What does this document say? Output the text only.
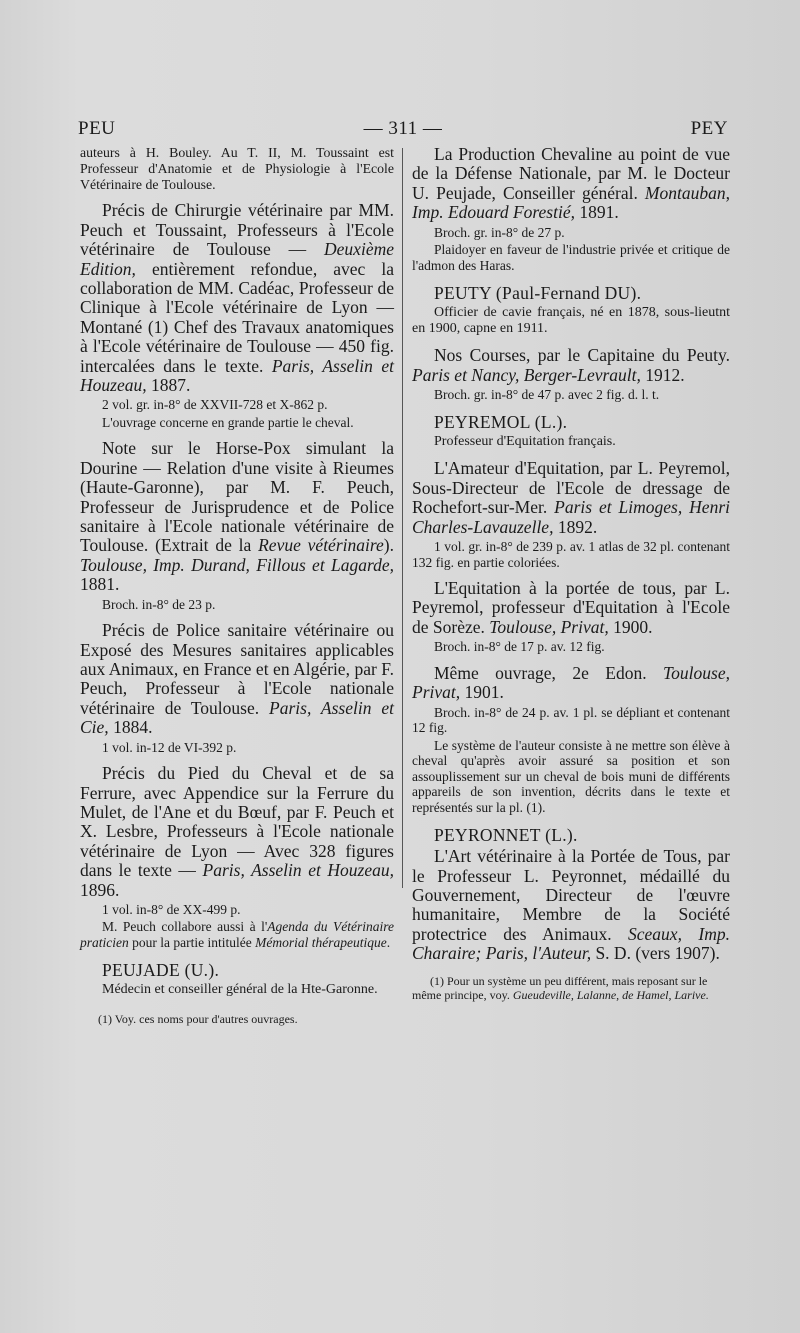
PEU	— 311 —	PEY

auteurs à H. Bouley. Au T. II, M. Toussaint est Professeur d'Anatomie et de Physiologie à l'Ecole Vétérinaire de Toulouse.

Précis de Chirurgie vétérinaire par MM. Peuch et Toussaint, Professeurs à l'Ecole vétérinaire de Toulouse — Deuxième Edition, entièrement refondue, avec la collaboration de MM. Cadéac, Professeur de Clinique à l'Ecole vétérinaire de Lyon — Montané (1) Chef des Travaux anatomiques à l'Ecole vétérinaire de Toulouse — 450 fig. intercalées dans le texte. Paris, Asselin et Houzeau, 1887.

2 vol. gr. in-8° de XXVII-728 et X-862 p.

L'ouvrage concerne en grande partie le cheval.

Note sur le Horse-Pox simulant la Dourine — Relation d'une visite à Rieumes (Haute-Garonne), par M. F. Peuch, Professeur de Jurisprudence et de Police sanitaire à l'Ecole nationale vétérinaire de Toulouse. (Extrait de la Revue vétérinaire). Toulouse, Imp. Durand, Fillous et Lagarde, 1881.

Broch. in-8° de 23 p.

Précis de Police sanitaire vétérinaire ou Exposé des Mesures sanitaires applicables aux Animaux, en France et en Algérie, par F. Peuch, Professeur à l'Ecole nationale vétérinaire de Toulouse. Paris, Asselin et Cie, 1884.

1 vol. in-12 de VI-392 p.

Précis du Pied du Cheval et de sa Ferrure, avec Appendice sur la Ferrure du Mulet, de l'Ane et du Bœuf, par F. Peuch et X. Lesbre, Professeurs à l'Ecole nationale vétérinaire de Lyon — Avec 328 figures dans le texte — Paris, Asselin et Houzeau, 1896.

1 vol. in-8° de XX-499 p.

M. Peuch collabore aussi à l'Agenda du Vétérinaire praticien pour la partie intitulée Mémorial thérapeutique.

PEUJADE (U.).

Médecin et conseiller général de la Hte-Garonne.

(1) Voy. ces noms pour d'autres ouvrages.

La Production Chevaline au point de vue de la Défense Nationale, par M. le Docteur U. Peujade, Conseiller général. Montauban, Imp. Edouard Forestié, 1891.

Broch. gr. in-8° de 27 p.

Plaidoyer en faveur de l'industrie privée et critique de l'admon des Haras.

PEUTY (Paul-Fernand DU).

Officier de cavie français, né en 1878, sous-lieutnt en 1900, capne en 1911.

Nos Courses, par le Capitaine du Peuty. Paris et Nancy, Berger-Levrault, 1912.

Broch. gr. in-8° de 47 p. avec 2 fig. d. l. t.

PEYREMOL (L.).

Professeur d'Equitation français.

L'Amateur d'Equitation, par L. Peyremol, Sous-Directeur de l'Ecole de dressage de Rochefort-sur-Mer. Paris et Limoges, Henri Charles-Lavauzelle, 1892.

1 vol. gr. in-8° de 239 p. av. 1 atlas de 32 pl. contenant 132 fig. en partie coloriées.

L'Equitation à la portée de tous, par L. Peyremol, professeur d'Equitation à l'Ecole de Sorèze. Toulouse, Privat, 1900.

Broch. in-8° de 17 p. av. 12 fig.

Même ouvrage, 2e Edon. Toulouse, Privat, 1901.

Broch. in-8° de 24 p. av. 1 pl. se dépliant et contenant 12 fig.

Le système de l'auteur consiste à ne mettre son élève à cheval qu'après avoir assuré sa position et son assouplissement sur un cheval de bois muni de différents appareils de son invention, décrits dans le texte et représentés sur la pl. (1).

PEYRONNET (L.).

L'Art vétérinaire à la Portée de Tous, par le Professeur L. Peyronnet, médaillé du Gouvernement, Directeur de l'œuvre humanitaire, Membre de la Société protectrice des Animaux. Sceaux, Imp. Charaire; Paris, l'Auteur, S. D. (vers 1907).

(1) Pour un système un peu différent, mais reposant sur le même principe, voy. Gueudeville, Lalanne, de Hamel, Larive.
